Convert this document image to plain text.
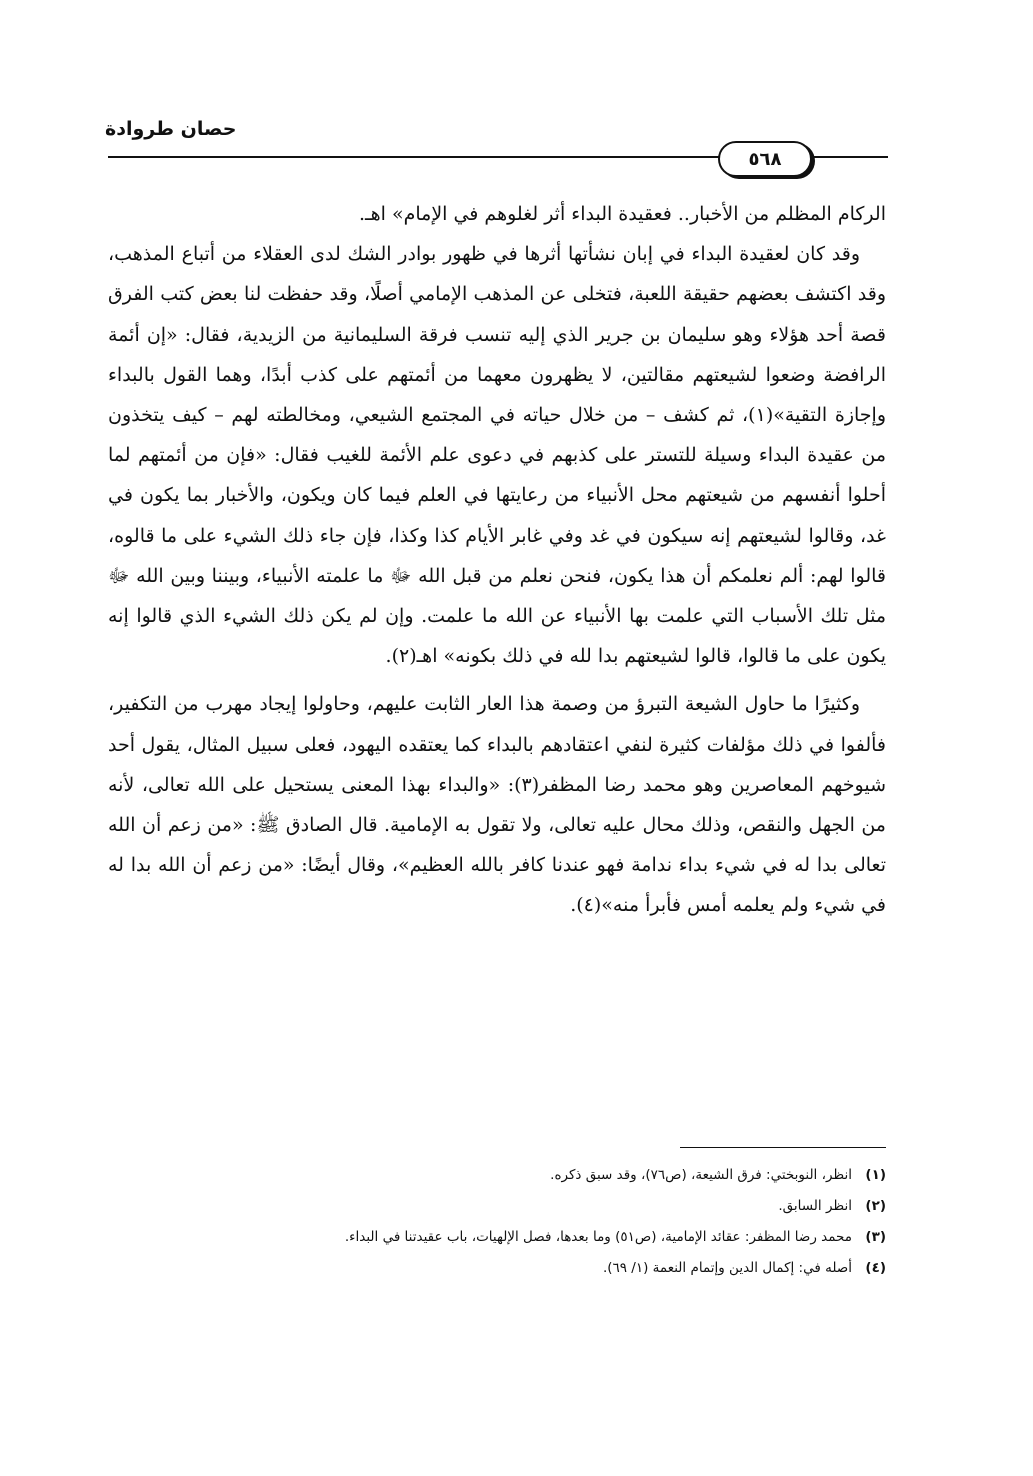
حصان طروادة
٥٦٨

الركام المظلم من الأخبار.. فعقيدة البداء أثر لغلوهم في الإمام» اهـ.

وقد كان لعقيدة البداء في إبان نشأتها أثرها في ظهور بوادر الشك لدى العقلاء من أتباع المذهب، وقد اكتشف بعضهم حقيقة اللعبة، فتخلى عن المذهب الإمامي أصلًا، وقد حفظت لنا بعض كتب الفرق قصة أحد هؤلاء وهو سليمان بن جرير الذي إليه تنسب فرقة السليمانية من الزيدية، فقال: «إن أئمة الرافضة وضعوا لشيعتهم مقالتين، لا يظهرون معهما من أئمتهم على كذب أبدًا، وهما القول بالبداء وإجازة التقية»(١)، ثم كشف – من خلال حياته في المجتمع الشيعي، ومخالطته لهم – كيف يتخذون من عقيدة البداء وسيلة للتستر على كذبهم في دعوى علم الأئمة للغيب فقال: «فإن من أئمتهم لما أحلوا أنفسهم من شيعتهم محل الأنبياء من رعايتها في العلم فيما كان ويكون، والأخبار بما يكون في غد، وقالوا لشيعتهم إنه سيكون في غد وفي غابر الأيام كذا وكذا، فإن جاء ذلك الشيء على ما قالوه، قالوا لهم: ألم نعلمكم أن هذا يكون، فنحن نعلم من قبل الله ﷻ ما علمته الأنبياء، وبيننا وبين الله ﷻ مثل تلك الأسباب التي علمت بها الأنبياء عن الله ما علمت. وإن لم يكن ذلك الشيء الذي قالوا إنه يكون على ما قالوا، قالوا لشيعتهم بدا لله في ذلك بكونه» اهـ(٢).

وكثيرًا ما حاول الشيعة التبرؤ من وصمة هذا العار الثابت عليهم، وحاولوا إيجاد مهرب من التكفير، فألفوا في ذلك مؤلفات كثيرة لنفي اعتقادهم بالبداء كما يعتقده اليهود، فعلى سبيل المثال، يقول أحد شيوخهم المعاصرين وهو محمد رضا المظفر(٣): «والبداء بهذا المعنى يستحيل على الله تعالى، لأنه من الجهل والنقص، وذلك محال عليه تعالى، ولا تقول به الإمامية. قال الصادق ﷺ: «من زعم أن الله تعالى بدا له في شيء بداء ندامة فهو عندنا كافر بالله العظيم»، وقال أيضًا: «من زعم أن الله بدا له في شيء ولم يعلمه أمس فأبرأ منه»(٤).

(١)
انظر، النوبختي: فرق الشيعة، (ص٧٦)، وقد سبق ذكره.
(٢)
انظر السابق.
(٣)
محمد رضا المظفر: عقائد الإمامية، (ص٥١) وما بعدها، فصل الإلهيات، باب عقيدتنا في البداء.
(٤)
أصله في: إكمال الدين وإتمام النعمة (١/ ٦٩).
